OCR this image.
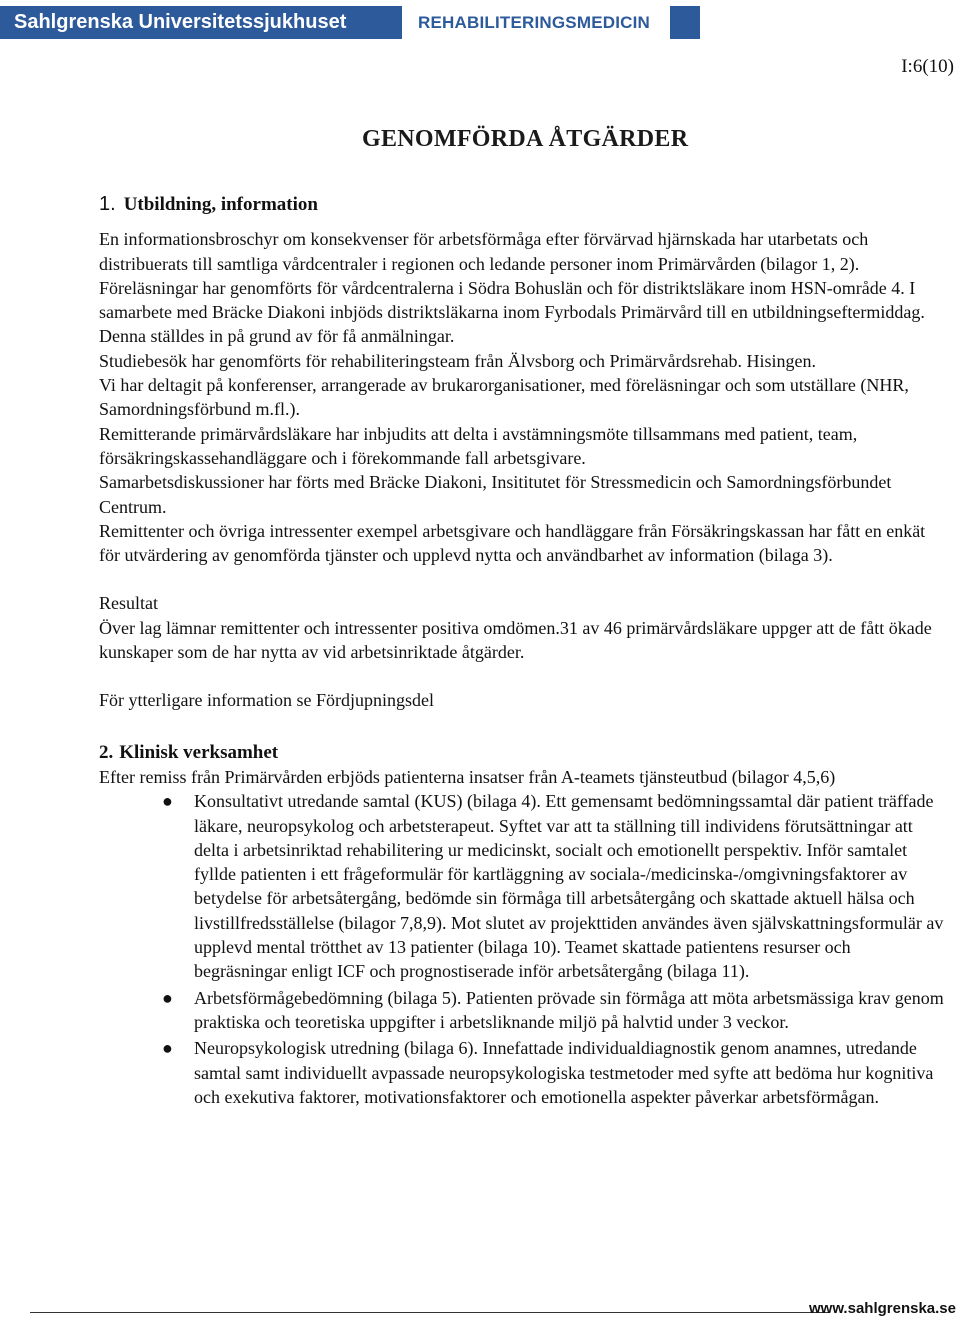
Sahlgrenska Universitetssjukhuset	REHABILITERINGSMEDICIN
I:6(10)
GENOMFÖRDA ÅTGÄRDER
1. Utbildning, information

En informationsbroschyr om konsekvenser för arbetsförmåga efter förvärvad hjärnskada har utarbetats och distribuerats till samtliga vårdcentraler i regionen och ledande personer inom Primärvården (bilagor 1, 2).

Föreläsningar har genomförts för vårdcentralerna i Södra Bohuslän och för distriktsläkare inom HSN-område 4. I samarbete med Bräcke Diakoni inbjöds distriktsläkarna inom Fyrbodals Primärvård till en utbildningseftermiddag. Denna ställdes in på grund av för få anmälningar.

Studiebesök har genomförts för rehabiliteringsteam från Älvsborg och Primärvårdsrehab. Hisingen.

Vi har deltagit på konferenser, arrangerade av brukarorganisationer, med föreläsningar och som utställare (NHR, Samordningsförbund m.fl.).

Remitterande primärvårdsläkare har inbjudits att delta i avstämningsmöte tillsammans med patient, team, försäkringskassehandläggare och i förekommande fall arbetsgivare.

Samarbetsdiskussioner har förts med Bräcke Diakoni, Insititutet för Stressmedicin och Samordningsförbundet Centrum.

Remittenter och övriga intressenter exempel arbetsgivare och handläggare från Försäkringskassan har fått en enkät för utvärdering av genomförda tjänster och upplevd nytta och användbarhet av information (bilaga 3).

Resultat

Över lag lämnar remittenter och intressenter positiva omdömen.31 av 46 primärvårdsläkare uppger att de fått ökade kunskaper som de har nytta av vid arbetsinriktade åtgärder.

För ytterligare information se Fördjupningsdel

2. Klinisk verksamhet

Efter remiss från Primärvården erbjöds patienterna insatser från A-teamets tjänsteutbud (bilagor 4,5,6)

● Konsultativt utredande samtal (KUS) (bilaga 4). Ett gemensamt bedömningssamtal där patient träffade läkare, neuropsykolog och arbetsterapeut. Syftet var att ta ställning till individens förutsättningar att delta i arbetsinriktad rehabilitering ur medicinskt, socialt och emotionellt perspektiv. Inför samtalet fyllde patienten i ett frågeformulär för kartläggning av sociala-/medicinska-/omgivningsfaktorer av betydelse för arbetsåtergång, bedömde sin förmåga till arbetsåtergång och skattade aktuell hälsa och livstillfredsställelse (bilagor 7,8,9). Mot slutet av projekttiden användes även självskattningsformulär av upplevd mental trötthet av 13 patienter (bilaga 10). Teamet skattade patientens resurser och begräsningar enligt ICF och prognostiserade inför arbetsåtergång (bilaga 11).
● Arbetsförmågebedömning (bilaga 5). Patienten prövade sin förmåga att möta arbetsmässiga krav genom praktiska och teoretiska uppgifter i arbetsliknande miljö på halvtid under 3 veckor.
● Neuropsykologisk utredning (bilaga 6). Innefattade individualdiagnostik genom anamnes, utredande samtal samt individuellt avpassade neuropsykologiska testmetoder med syfte att bedöma hur kognitiva och exekutiva faktorer, motivationsfaktorer och emotionella aspekter påverkar arbetsförmågan.
www.sahlgrenska.se
